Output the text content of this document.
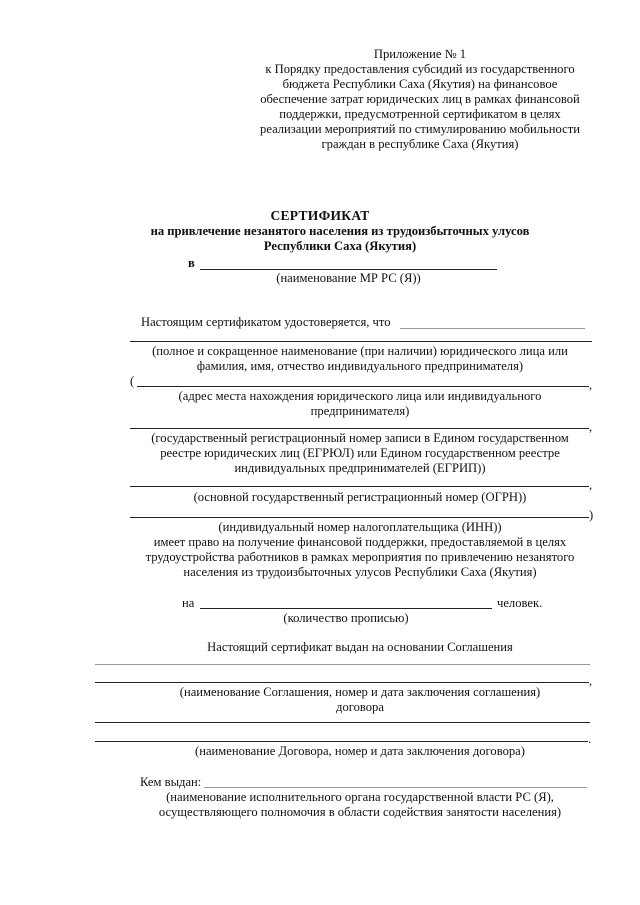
Приложение № 1
к Порядку предоставления субсидий из государственного
бюджета Республики Саха (Якутия) на финансовое
обеспечение затрат юридических лиц в рамках финансовой
поддержки, предусмотренной сертификатом в целях
реализации мероприятий по стимулированию мобильности
граждан в республике Саха (Якутия)
СЕРТИФИКАТ
на привлечение незанятого населения из трудоизбыточных улусов
Республики Саха (Якутия)
в
(наименование МР РС (Я))
Настоящим сертификатом удостоверяется, что
(полное и сокращенное наименование (при наличии) юридического лица или
фамилия, имя, отчество индивидуального предпринимателя)
(	,
(адрес места нахождения юридического лица или индивидуального
предпринимателя)
,
(государственный регистрационный номер записи в Едином государственном
реестре юридических лиц (ЕГРЮЛ) или Едином государственном реестре
индивидуальных предпринимателей (ЕГРИП))
,
(основной государственный регистрационный номер (ОГРН))
)
(индивидуальный номер налогоплательщика (ИНН))
имеет право на получение финансовой поддержки, предоставляемой в целях
трудоустройства работников в рамках мероприятия по привлечению незанятого
населения из трудоизбыточных улусов Республики Саха (Якутия)
на	человек.
(количество прописью)
Настоящий сертификат выдан на основании Соглашения
,
(наименование Соглашения, номер и дата заключения соглашения)
договора
.
(наименование Договора, номер и дата заключения договора)
Кем выдан:
(наименование исполнительного органа государственной власти РС (Я),
осуществляющего полномочия в области содействия занятости населения)
